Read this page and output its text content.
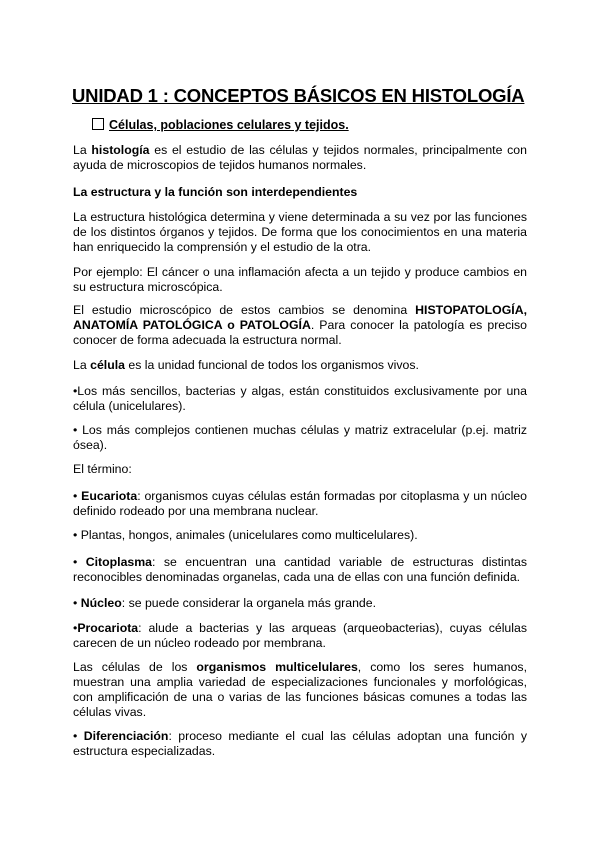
UNIDAD 1 : CONCEPTOS BÁSICOS EN HISTOLOGÍA
Células, poblaciones celulares y tejidos.

La histología es el estudio de las células y tejidos normales, principalmente con ayuda de microscopios de tejidos humanos normales.

La estructura y la función son interdependientes

La estructura histológica determina y viene determinada a su vez por las funciones de los distintos órganos y tejidos. De forma que los conocimientos en una materia han enriquecido la comprensión y el estudio de la otra.

Por ejemplo: El cáncer o una inflamación afecta a un tejido y produce cambios en su estructura microscópica.

El estudio microscópico de estos cambios se denomina HISTOPATOLOGÍA, ANATOMÍA PATOLÓGICA o PATOLOGÍA. Para conocer la patología es preciso conocer de forma adecuada la estructura normal.

La célula es la unidad funcional de todos los organismos vivos.

•Los más sencillos, bacterias y algas, están constituidos exclusivamente por una célula (unicelulares).

• Los más complejos contienen muchas células y matriz extracelular (p.ej. matriz ósea).

El término:

• Eucariota: organismos cuyas células están formadas por citoplasma y un núcleo definido rodeado por una membrana nuclear.

• Plantas, hongos, animales (unicelulares como multicelulares).

• Citoplasma: se encuentran una cantidad variable de estructuras distintas reconocibles denominadas organelas, cada una de ellas con una función definida.

• Núcleo: se puede considerar la organela más grande.

•Procariota: alude a bacterias y las arqueas (arqueobacterias), cuyas células carecen de un núcleo rodeado por membrana.

Las células de los organismos multicelulares, como los seres humanos, muestran una amplia variedad de especializaciones funcionales y morfológicas, con amplificación de una o varias de las funciones básicas comunes a todas las células vivas.

• Diferenciación: proceso mediante el cual las células adoptan una función y estructura especializadas.
